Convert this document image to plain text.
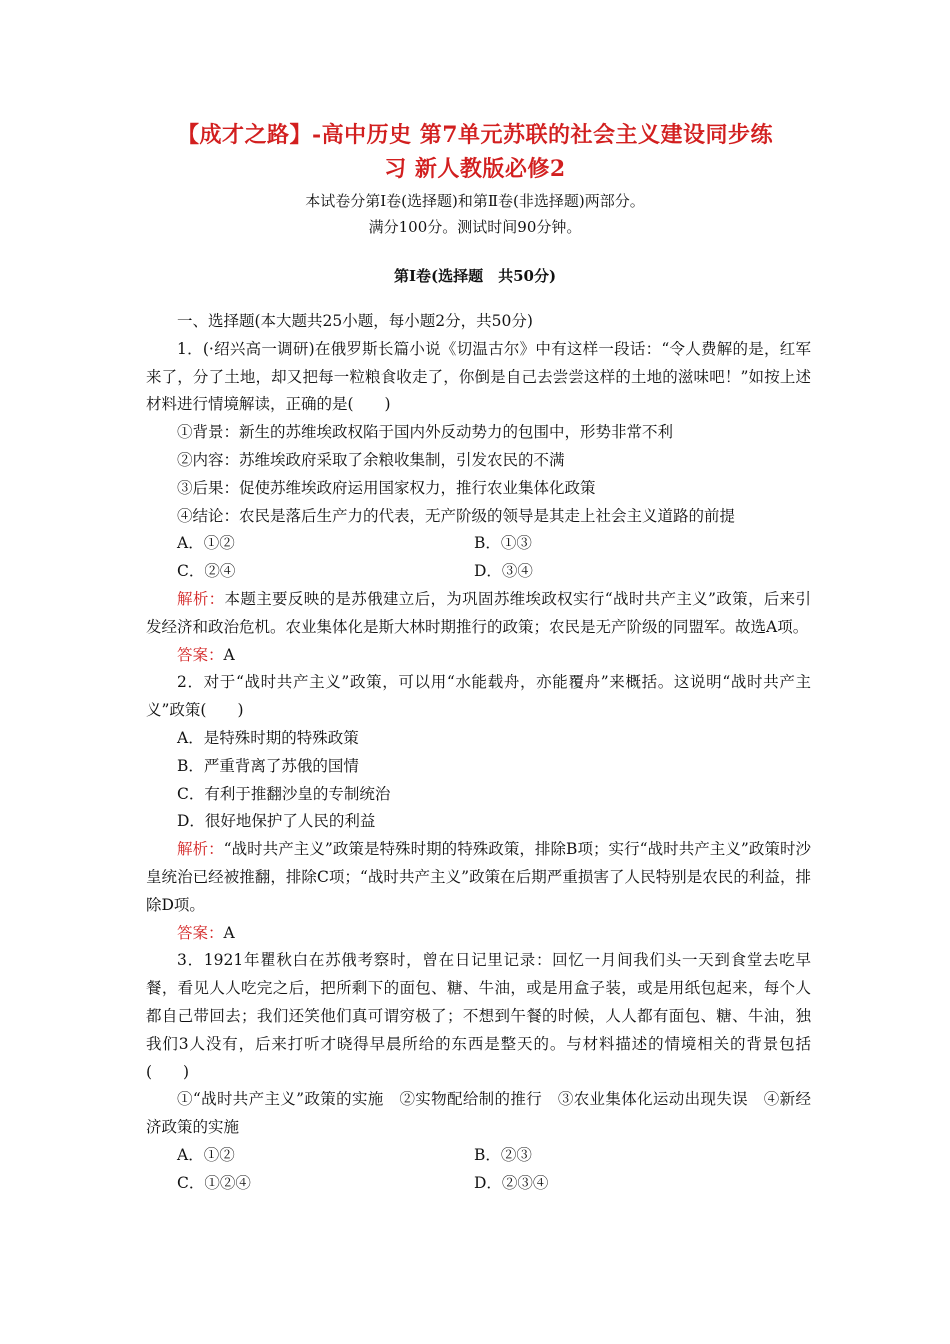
【成才之路】-高中历史 第7单元苏联的社会主义建设同步练
习 新人教版必修2
本试卷分第Ⅰ卷(选择题)和第Ⅱ卷(非选择题)两部分。
满分100分。测试时间90分钟。
第Ⅰ卷(选择题　共50分)

一、选择题(本大题共25小题，每小题2分，共50分)

1．(·绍兴高一调研)在俄罗斯长篇小说《切温古尔》中有这样一段话：“令人费解的是，红军来了，分了土地，却又把每一粒粮食收走了，你倒是自己去尝尝这样的土地的滋味吧！”如按上述材料进行情境解读，正确的是(　　)

①背景：新生的苏维埃政权陷于国内外反动势力的包围中，形势非常不利

②内容：苏维埃政府采取了余粮收集制，引发农民的不满

③后果：促使苏维埃政府运用国家权力，推行农业集体化政策

④结论：农民是落后生产力的代表，无产阶级的领导是其走上社会主义道路的前提

A．①②	B．①③
C．②④	D．③④

解析：本题主要反映的是苏俄建立后，为巩固苏维埃政权实行“战时共产主义”政策，后来引发经济和政治危机。农业集体化是斯大林时期推行的政策；农民是无产阶级的同盟军。故选A项。

答案：A

2．对于“战时共产主义”政策，可以用“水能载舟，亦能覆舟”来概括。这说明“战时共产主义”政策(　　)

A．是特殊时期的特殊政策

B．严重背离了苏俄的国情

C．有利于推翻沙皇的专制统治

D．很好地保护了人民的利益

解析：“战时共产主义”政策是特殊时期的特殊政策，排除B项；实行“战时共产主义”政策时沙皇统治已经被推翻，排除C项；“战时共产主义”政策在后期严重损害了人民特别是农民的利益，排除D项。

答案：A

3．1921年瞿秋白在苏俄考察时，曾在日记里记录：回忆一月间我们头一天到食堂去吃早餐，看见人人吃完之后，把所剩下的面包、糖、牛油，或是用盒子装，或是用纸包起来，每个人都自己带回去；我们还笑他们真可谓穷极了；不想到午餐的时候，人人都有面包、糖、牛油，独我们3人没有，后来打听才晓得早晨所给的东西是整天的。与材料描述的情境相关的背景包括(　　)

①“战时共产主义”政策的实施　②实物配给制的推行　③农业集体化运动出现失误　④新经济政策的实施

A．①②	B．②③
C．①②④	D．②③④
